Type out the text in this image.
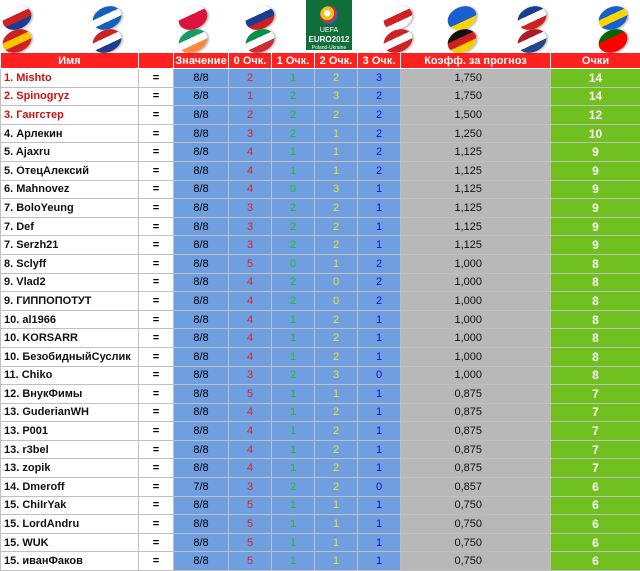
UEFA
EURO2012
Poland-Ukraine
Имя		Значение	0 Очк.	1 Очк.	2 Очк.	3 Очк.	Коэфф. за прогноз	Очки
1. Mishto	=	8/8	2	1	2	3	1,750	14
2. Spinogryz	=	8/8	1	2	3	2	1,750	14
3. Гангстер	=	8/8	2	2	2	2	1,500	12
4. Арлекин	=	8/8	3	2	1	2	1,250	10
5. Ajaxru	=	8/8	4	1	1	2	1,125	9
5. ОтецАлексий	=	8/8	4	1	1	2	1,125	9
6. Mahnovez	=	8/8	4	0	3	1	1,125	9
7. BoloYeung	=	8/8	3	2	2	1	1,125	9
7. Def	=	8/8	3	2	2	1	1,125	9
7. Serzh21	=	8/8	3	2	2	1	1,125	9
8. Sclyff	=	8/8	5	0	1	2	1,000	8
9. Vlad2	=	8/8	4	2	0	2	1,000	8
9. ГИППОПОТУТ	=	8/8	4	2	0	2	1,000	8
10. al1966	=	8/8	4	1	2	1	1,000	8
10. KORSARR	=	8/8	4	1	2	1	1,000	8
10. БезобидныйСуслик	=	8/8	4	1	2	1	1,000	8
11. Chiko	=	8/8	3	2	3	0	1,000	8
12. ВнукФимы	=	8/8	5	1	1	1	0,875	7
13. GuderianWH	=	8/8	4	1	2	1	0,875	7
13. P001	=	8/8	4	1	2	1	0,875	7
13. r3bel	=	8/8	4	1	2	1	0,875	7
13. zopik	=	8/8	4	1	2	1	0,875	7
14. Dmeroff	=	7/8	3	2	2	0	0,857	6
15. ChiIrYak	=	8/8	5	1	1	1	0,750	6
15. LordAndru	=	8/8	5	1	1	1	0,750	6
15. WUK	=	8/8	5	1	1	1	0,750	6
15. иванФаков	=	8/8	5	1	1	1	0,750	6
